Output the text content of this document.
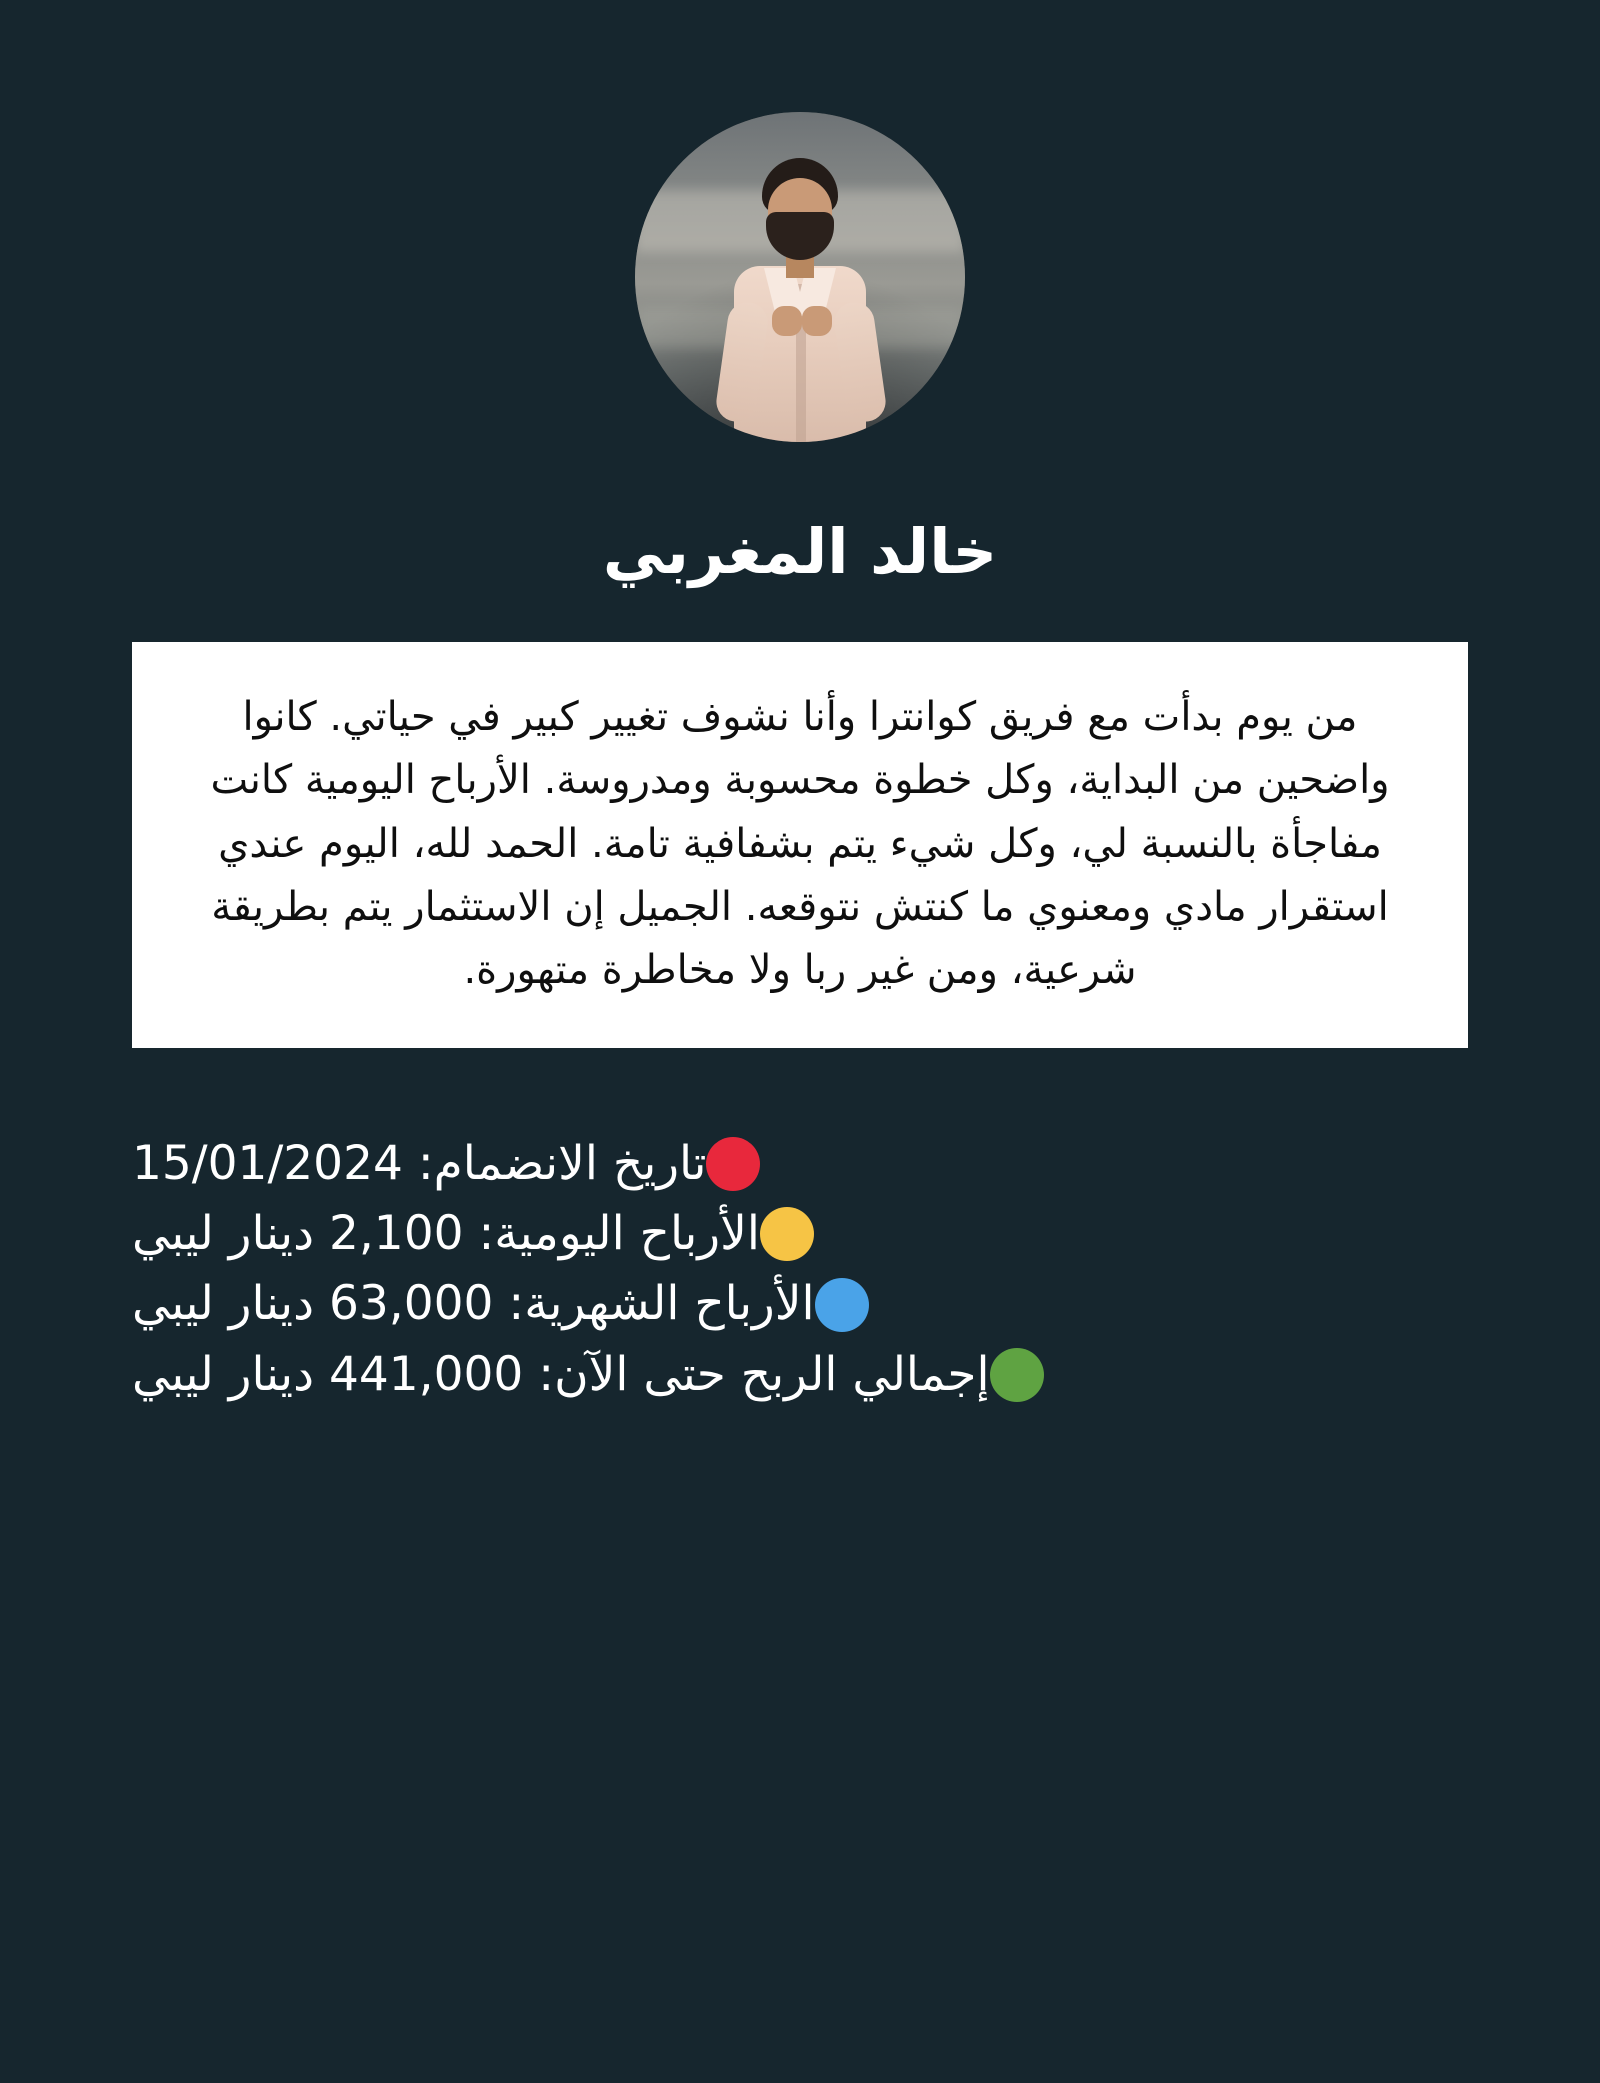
خالد المغربي
من يوم بدأت مع فريق كوانترا وأنا نشوف تغيير كبير في حياتي. كانوا واضحين من البداية، وكل خطوة محسوبة ومدروسة. الأرباح اليومية كانت مفاجأة بالنسبة لي، وكل شيء يتم بشفافية تامة. الحمد لله، اليوم عندي استقرار مادي ومعنوي ما كنتش نتوقعه. الجميل إن الاستثمار يتم بطريقة شرعية، ومن غير ربا ولا مخاطرة متهورة.
تاريخ الانضمام: 15/01/2024
الأرباح اليومية: 2,100 دينار ليبي
الأرباح الشهرية: 63,000 دينار ليبي
إجمالي الربح حتى الآن: 441,000 دينار ليبي
